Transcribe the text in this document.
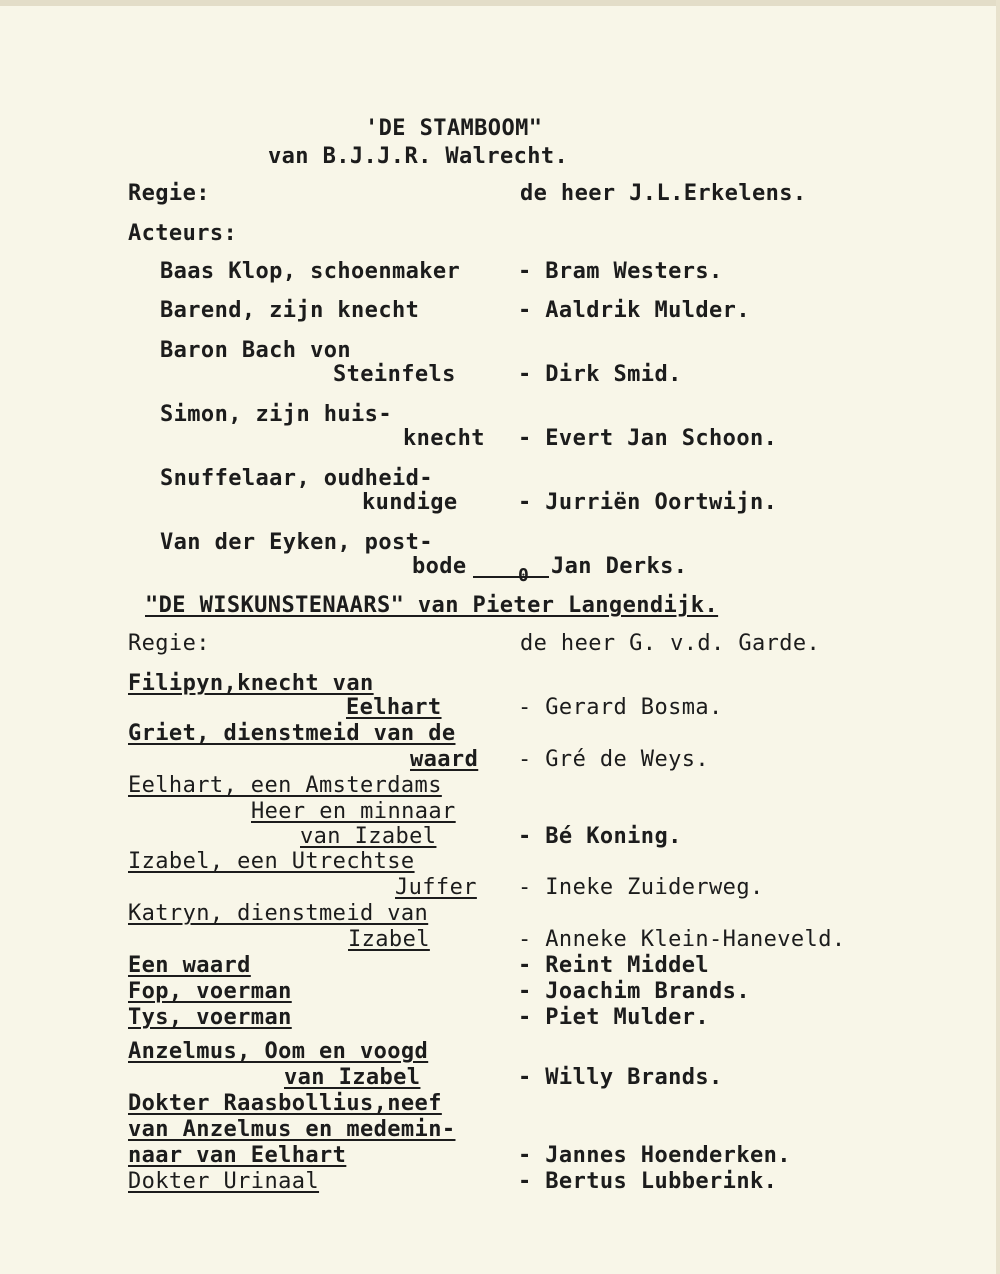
'DE STAMBOOM"
van B.J.J.R. Walrecht.
Regie:	de heer J.L.Erkelens.
Acteurs:
Baas Klop, schoenmaker	- Bram Westers.
Barend, zijn knecht	- Aaldrik Mulder.
Baron Bach von
Steinfels	- Dirk Smid.
Simon, zijn huis-
knecht - Evert Jan Schoon.
Snuffelaar, oudheid-
kundige	- Jurriën Oortwijn.
Van der Eyken, post-
bode	0 Jan Derks.
"DE WISKUNSTENAARS" van Pieter Langendijk.
Regie:	de heer G. v.d. Garde.
Filipyn,knecht van
Eelhart	- Gerard Bosma.
Griet, dienstmeid van de
waard - Gré de Weys.
Eelhart, een Amsterdams
Heer en minnaar
van Izabel	- Bé Koning.
Izabel, een Utrechtse
Juffer - Ineke Zuiderweg.
Katryn, dienstmeid van
Izabel	- Anneke Klein-Haneveld.
Een waard	- Reint Middel
Fop, voerman	- Joachim Brands.
Tys, voerman	- Piet Mulder.
Anzelmus, Oom en voogd
van Izabel	- Willy Brands.
Dokter Raasbollius,neef
van Anzelmus en medemin-
naar van Eelhart	- Jannes Hoenderken.
Dokter Urinaal	- Bertus Lubberink.
